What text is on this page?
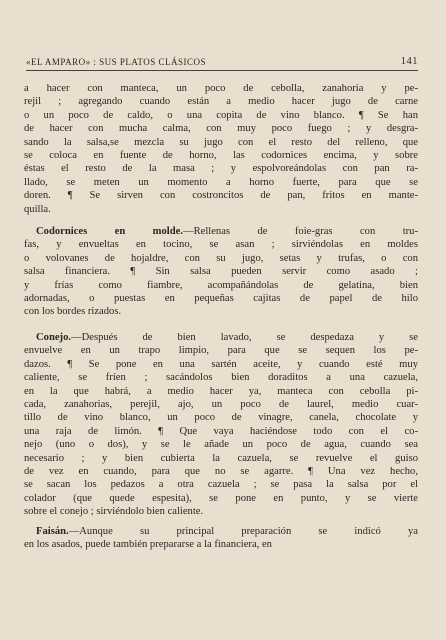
«EL AMPARO» : SUS PLATOS CLÁSICOS	141

a hacer con manteca, un poco de cebolla, zanahoria y pe-
rejil ; agregando cuando están a medio hacer jugo de carne
o un poco de caldo, o una copita de vino blanco. ¶ Se han
de hacer con mucha calma, con muy poco fuego ; y desgra-
sando la salsa,se mezcla su jugo con el resto del relleno, que
se coloca en fuente de horno, las codornices encima, y sobre
éstas el resto de la masa ; y espolvoreándolas con pan ra-
llado, se meten un momento a horno fuerte, para que se
doren. ¶ Se sirven con costroncitos de pan, fritos en mante-
quilla.

Codornices en molde.—Rellenas de foie-gras con tru-
fas, y envueltas en tocino, se asan ; sirviéndolas en moldes
o volovanes de hojaldre, con su jugo, setas y trufas, o con
salsa financiera. ¶ Sin salsa pueden servir como asado ;
y frías como fiambre, acompañándolas de gelatina, bien
adornadas, o puestas en pequeñas cajitas de papel de hilo
con los bordes rizados.

Conejo.—Después de bien lavado, se despedaza y se
envuelve en un trapo limpio, para que se sequen los pe-
dazos. ¶ Se pone en una sartén aceite, y cuando esté muy
caliente, se fríen ; sacándolos bien doraditos a una cazuela,
en la que habrá, a medio hacer ya, manteca con cebolla pi-
cada, zanahorias, perejil, ajo, un poco de laurel, medio cuar-
tillo de vino blanco, un poco de vinagre, canela, chocolate y
una raja de limón. ¶ Que vaya haciéndose todo con el co-
nejo (uno o dos), y se le añade un poco de agua, cuando sea
necesario ; y bien cubierta la cazuela, se revuelve el guiso
de vez en cuando, para que no se agarre. ¶ Una vez hecho,
se sacan los pedazos a otra cazuela ; se pasa la salsa por el
colador (que quede espesita), se pone en punto, y se vierte
sobre el conejo ; sirviéndolo bien caliente.

Faisán.—Aunque su principal preparación se indicó ya
en los asados, puede también prepararse a la financiera, en
